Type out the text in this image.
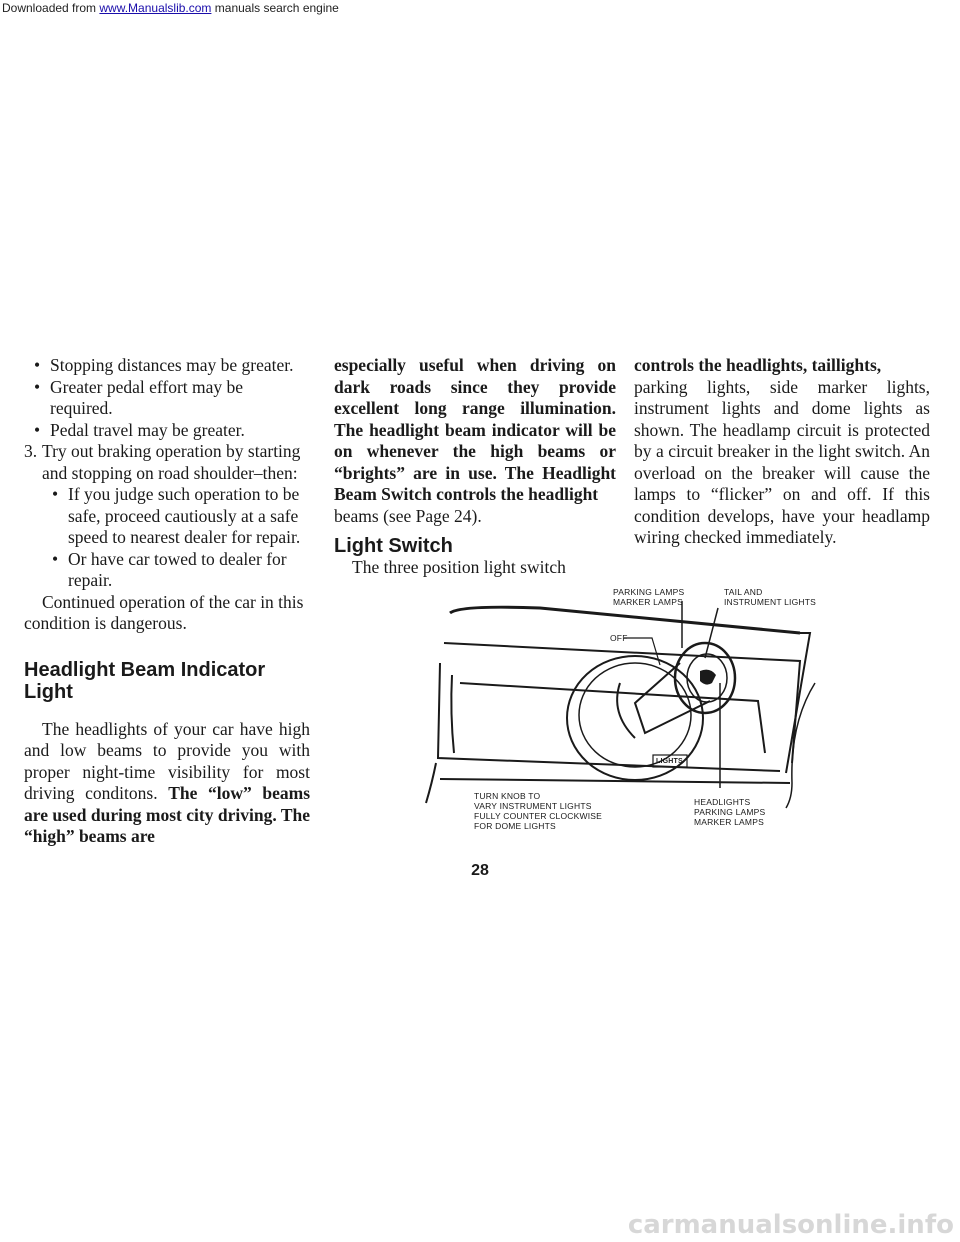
Downloaded from www.Manualslib.com manuals search engine
• Stopping distances may be greater.
• Greater pedal effort may be required.
• Pedal travel may be greater.
3. Try out braking operation by starting and stopping on road shoulder–then:
• If you judge such operation to be safe, proceed cautiously at a safe speed to nearest dealer for repair.
• Or have car towed to dealer for repair.

Continued operation of the car in this condition is dangerous.

Headlight Beam Indicator Light

The headlights of your car have high and low beams to provide you with proper night-time visibility for most driving conditons. The “low” beams are used during most city driving. The “high” beams are

especially useful when driving on dark roads since they provide excellent long range illumination. The headlight beam indicator will be on whenever the high beams or “brights” are in use. The Headlight Beam Switch controls the headlight

beams (see Page 24).

Light Switch

The three position light switch

controls the headlights, taillights,

parking lights, side marker lights, instrument lights and dome lights as shown. The headlamp circuit is protected by a circuit breaker in the light switch. An overload on the breaker will cause the lamps to “flicker” on and off. If this condition develops, have your headlamp wiring checked immediately.

PARKING LAMPS
MARKER LAMPS
TAIL AND
INSTRUMENT LIGHTS
OFF
LIGHTS
TURN KNOB TO
VARY INSTRUMENT LIGHTS
FULLY COUNTER CLOCKWISE
FOR DOME LIGHTS
HEADLIGHTS
PARKING LAMPS
MARKER LAMPS
28
carmanualsonline.info
